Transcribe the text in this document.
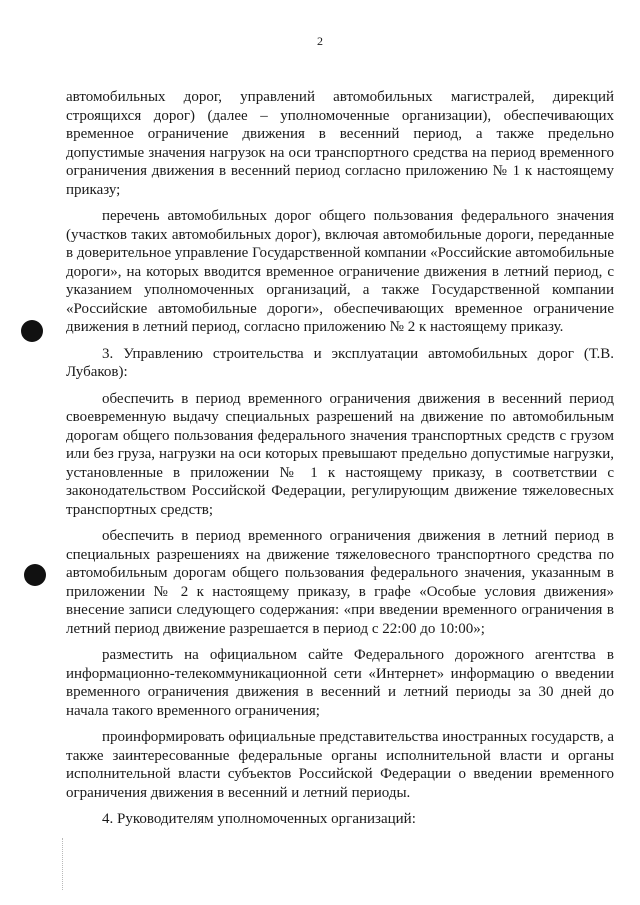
2

автомобильных дорог, управлений автомобильных магистралей, дирекций строящихся дорог) (далее – уполномоченные организации), обеспечивающих временное ограничение движения в весенний период, а также предельно допустимые значения нагрузок на оси транспортного средства на период временного ограничения движения в весенний период согласно приложению № 1 к настоящему приказу;

перечень автомобильных дорог общего пользования федерального значения (участков таких автомобильных дорог), включая автомобильные дороги, переданные в доверительное управление Государственной компании «Российские автомобильные дороги», на которых вводится временное ограничение движения в летний период, с указанием уполномоченных организаций, а также Государственной компании «Российские автомобильные дороги», обеспечивающих временное ограничение движения в летний период, согласно приложению № 2 к настоящему приказу.

3. Управлению строительства и эксплуатации автомобильных дорог (Т.В. Лубаков):

обеспечить в период временного ограничения движения в весенний период своевременную выдачу специальных разрешений на движение по автомобильным дорогам общего пользования федерального значения транспортных средств с грузом или без груза, нагрузки на оси которых превышают предельно допустимые нагрузки, установленные в приложении № 1 к настоящему приказу, в соответствии с законодательством Российской Федерации, регулирующим движение тяжеловесных транспортных средств;

обеспечить в период временного ограничения движения в летний период в специальных разрешениях на движение тяжеловесного транспортного средства по автомобильным дорогам общего пользования федерального значения, указанным в приложении № 2 к настоящему приказу, в графе «Особые условия движения» внесение записи следующего содержания: «при введении временного ограничения в летний период движение разрешается в период с 22:00 до 10:00»;

разместить на официальном сайте Федерального дорожного агентства в информационно-телекоммуникационной сети «Интернет» информацию о введении временного ограничения движения в весенний и летний периоды за 30 дней до начала такого временного ограничения;

проинформировать официальные представительства иностранных государств, а также заинтересованные федеральные органы исполнительной власти и органы исполнительной власти субъектов Российской Федерации о введении временного ограничения движения в весенний и летний периоды.

4. Руководителям уполномоченных организаций:
